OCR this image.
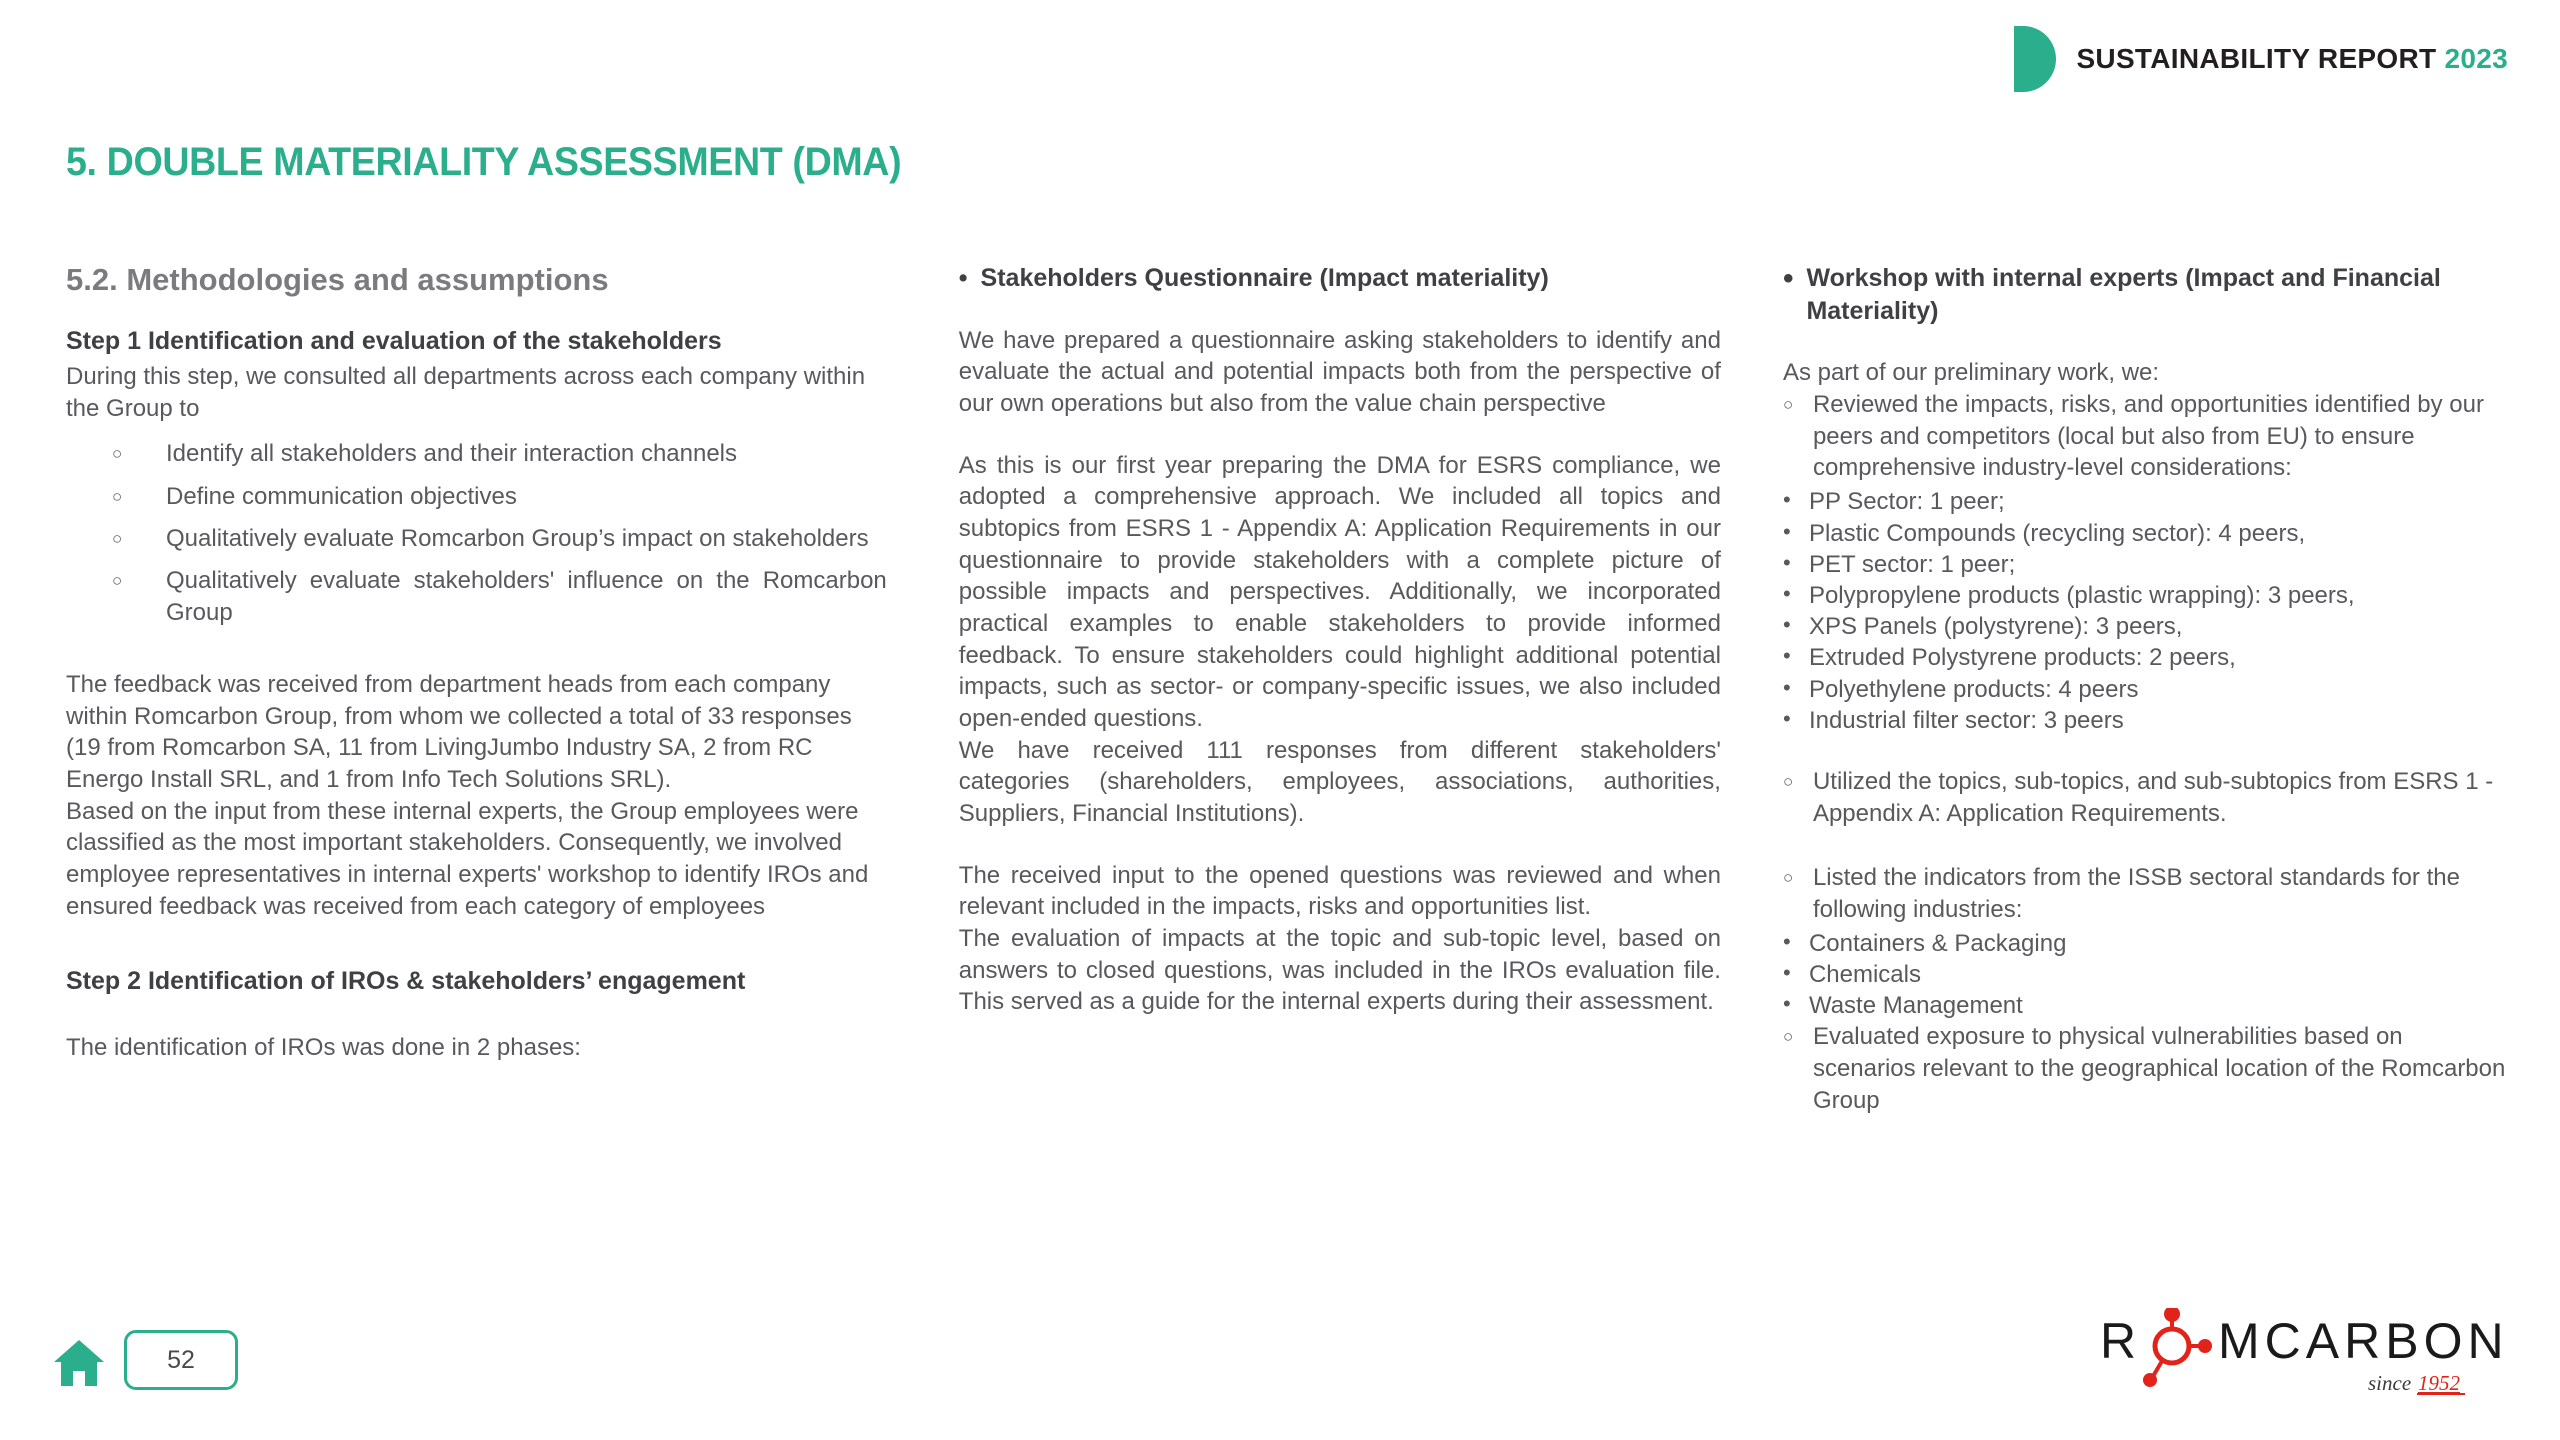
SUSTAINABILITY REPORT 2023
5. DOUBLE MATERIALITY ASSESSMENT (DMA)
5.2. Methodologies and assumptions
Step 1 Identification and evaluation of the stakeholders

During this step, we consulted all departments across each company within the Group to

○	Identify all stakeholders and their interaction channels
○	Define communication objectives
○	Qualitatively evaluate Romcarbon Group’s impact on stakeholders
○	Qualitatively evaluate stakeholders' influence on the Romcarbon Group

The feedback was received from department heads from each company within Romcarbon Group, from whom we collected a total of 33 responses (19 from Romcarbon SA, 11 from LivingJumbo Industry SA, 2 from RC Energo Install SRL, and 1 from Info Tech Solutions SRL).

Based on the input from these internal experts, the Group employees were classified as the most important stakeholders. Consequently, we involved employee representatives in internal experts' workshop to identify IROs and ensured feedback was received from each category of employees

Step 2 Identification of IROs & stakeholders’ engagement

The identification of IROs was done in 2 phases:

• Stakeholders Questionnaire (Impact materiality)

We have prepared a questionnaire asking stakeholders to identify and evaluate the actual and potential impacts both from the perspective of our own operations but also from the value chain perspective

As this is our first year preparing the DMA for ESRS compliance, we adopted a comprehensive approach. We included all topics and subtopics from ESRS 1 - Appendix A: Application Requirements in our questionnaire to provide stakeholders with a complete picture of possible impacts and perspectives. Additionally, we incorporated practical examples to enable stakeholders to provide informed feedback. To ensure stakeholders could highlight additional potential impacts, such as sector- or company-specific issues, we also included open-ended questions.

We have received 111 responses from different stakeholders' categories (shareholders, employees, associations, authorities, Suppliers, Financial Institutions).

The received input to the opened questions was reviewed and when relevant included in the impacts, risks and opportunities list.

The evaluation of impacts at the topic and sub-topic level, based on answers to closed questions, was included in the IROs evaluation file. This served as a guide for the internal experts during their assessment.

• Workshop with internal experts (Impact and Financial Materiality)

As part of our preliminary work, we:

○ Reviewed the impacts, risks, and opportunities identified by our peers and competitors (local but also from EU) to ensure comprehensive industry-level considerations:
• PP Sector: 1 peer;
• Plastic Compounds (recycling sector): 4 peers,
• PET sector: 1 peer;
• Polypropylene products (plastic wrapping): 3 peers,
• XPS Panels (polystyrene): 3 peers,
• Extruded Polystyrene products: 2 peers,
• Polyethylene products: 4 peers
• Industrial filter sector: 3 peers
○ Utilized the topics, sub-topics, and sub-subtopics from ESRS 1 - Appendix A: Application Requirements.
○ Listed the indicators from the ISSB sectoral standards for the following industries:
• Containers & Packaging
• Chemicals
• Waste Management
○ Evaluated exposure to physical vulnerabilities based on scenarios relevant to the geographical location of the Romcarbon Group
52	R MCARBON
since 1952
